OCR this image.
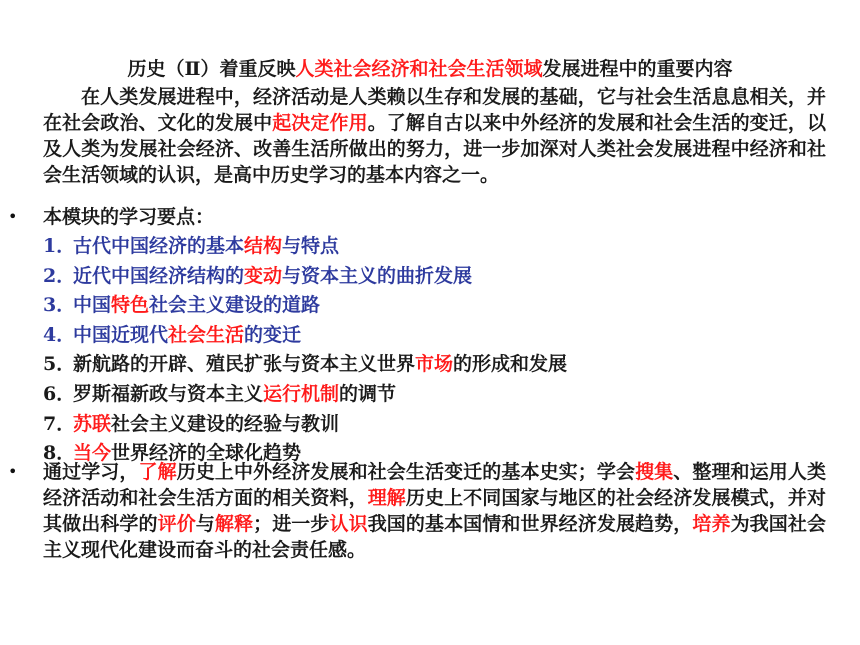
历史（Ⅱ）着重反映人类社会经济和社会生活领域发展进程中的重要内容
在人类发展进程中，经济活动是人类赖以生存和发展的基础，它与社会生活息息相关，并在社会政治、文化的发展中起决定作用。了解自古以来中外经济的发展和社会生活的变迁，以及人类为发展社会经济、改善生活所做出的努力，进一步加深对人类社会发展进程中经济和社会生活领域的认识，是高中历史学习的基本内容之一。
• 本模块的学习要点：
1．古代中国经济的基本结构与特点
2．近代中国经济结构的变动与资本主义的曲折发展
3．中国特色社会主义建设的道路
4．中国近现代社会生活的变迁
5．新航路的开辟、殖民扩张与资本主义世界市场的形成和发展
6．罗斯福新政与资本主义运行机制的调节
7．苏联社会主义建设的经验与教训
8．当今世界经济的全球化趋势
• 通过学习，了解历史上中外经济发展和社会生活变迁的基本史实；学会搜集、整理和运用人类经济活动和社会生活方面的相关资料，理解历史上不同国家与地区的社会经济发展模式，并对其做出科学的评价与解释；进一步认识我国的基本国情和世界经济发展趋势，培养为我国社会主义现代化建设而奋斗的社会责任感。
